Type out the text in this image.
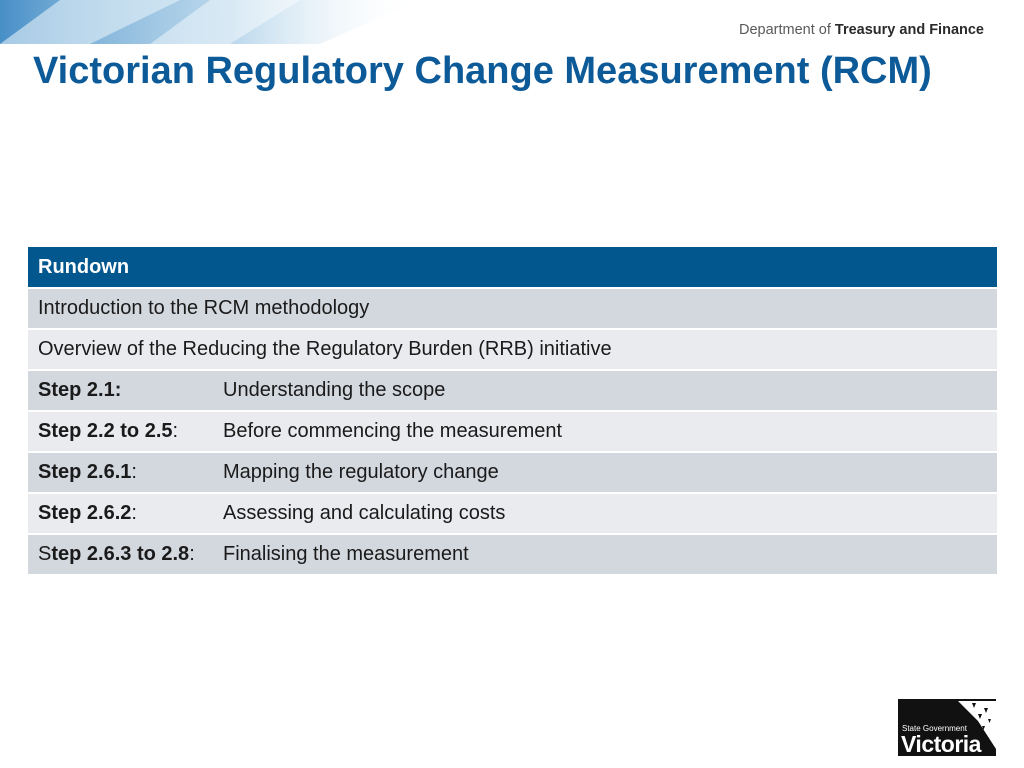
Department of Treasury and Finance
Victorian Regulatory Change Measurement (RCM)
Rundown	
Introduction to the RCM methodology	
Overview of the Reducing the Regulatory Burden (RRB) initiative	
Step 2.1:	Understanding the scope
Step 2.2 to 2.5:	Before commencing the measurement
Step 2.6.1:	Mapping the regulatory change
Step 2.6.2:	Assessing and calculating costs
Step 2.6.3 to 2.8:	Finalising the measurement
State Government
Victoria
